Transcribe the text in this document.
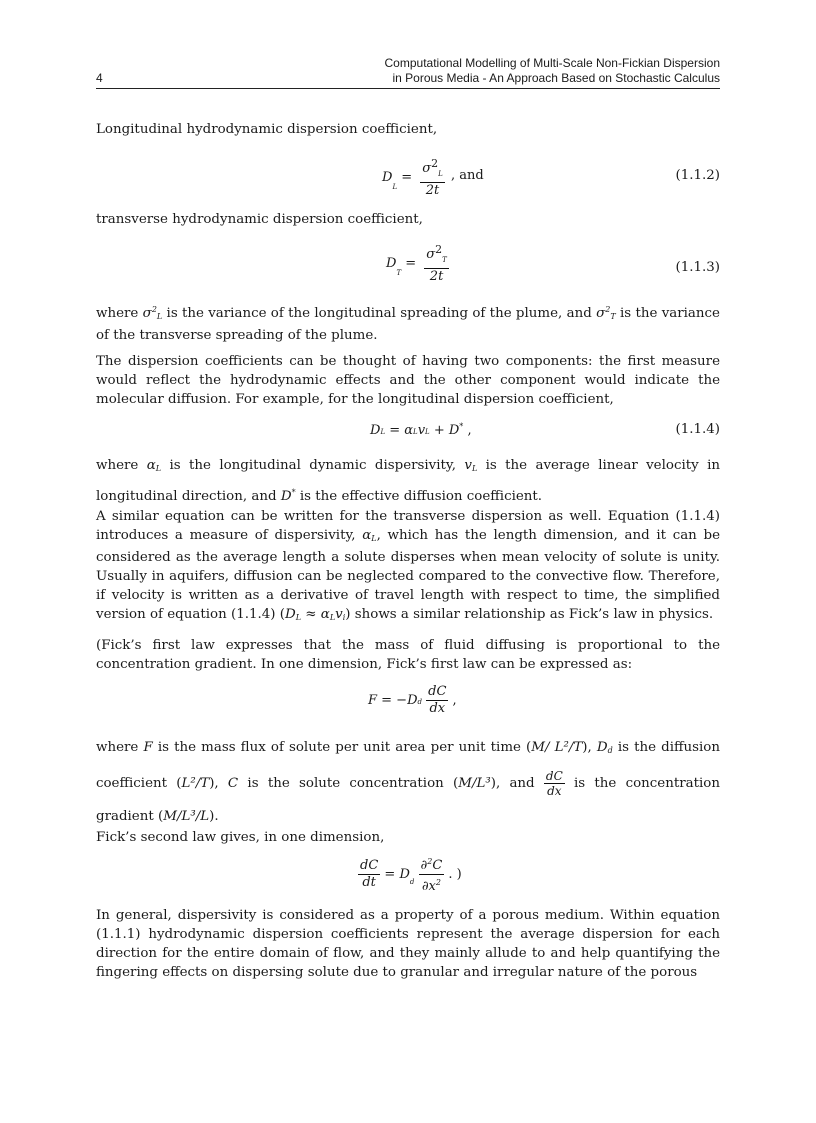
4
Computational Modelling of Multi-Scale Non-Fickian Dispersion
in Porous Media - An Approach Based on Stochastic Calculus
Longitudinal hydrodynamic dispersion coefficient,
$D_L = \frac{\sigma^2_L}{2t}$ , and	(1.1.2)
transverse hydrodynamic dispersion coefficient,
$D_T = \frac{\sigma^2_T}{2t}$	(1.1.3)
where $\sigma^2_L$ is the variance of the longitudinal spreading of the plume, and $\sigma^2_T$ is the variance of the transverse spreading of the plume.
The dispersion coefficients can be thought of having two components: the first measure would reflect the hydrodynamic effects and the other component would indicate the molecular diffusion. For example, for the longitudinal dispersion coefficient,
DL = αLvL + D* ,	(1.1.4)
where $\alpha_L$ is the longitudinal dynamic dispersivity, $v_L$ is the average linear velocity in longitudinal direction, and D* is the effective diffusion coefficient.
A similar equation can be written for the transverse dispersion as well. Equation (1.1.4) introduces a measure of dispersivity, $\alpha_L$, which has the length dimension, and it can be considered as the average length a solute disperses when mean velocity of solute is unity. Usually in aquifers, diffusion can be neglected compared to the convective flow. Therefore, if velocity is written as a derivative of travel length with respect to time, the simplified version of equation (1.1.4) $(D_L \approx \alpha_Lv_i)$ shows a similar relationship as Fick’s law in physics.
(Fick’s first law expresses that the mass of fluid diffusing is proportional to the concentration gradient. In one dimension, Fick’s first law can be expressed as:
$F = -Dd \frac{dC}{dx}$ ,
where F is the mass flux of solute per unit area per unit time (M/ L²/T), $D_d$ is the diffusion coefficient (L²/T), C is the solute concentration (M/L³), and $\frac{dC}{dx}$ is the concentration gradient (M/L³/L).
Fick’s second law gives, in one dimension,
$\frac{dC}{dt} = D_d \frac{\partial^2C}{\partial x^2}$ . )
In general, dispersivity is considered as a property of a porous medium. Within equation (1.1.1) hydrodynamic dispersion coefficients represent the average dispersion for each direction for the entire domain of flow, and they mainly allude to and help quantifying the fingering effects on dispersing solute due to granular and irregular nature of the porous
